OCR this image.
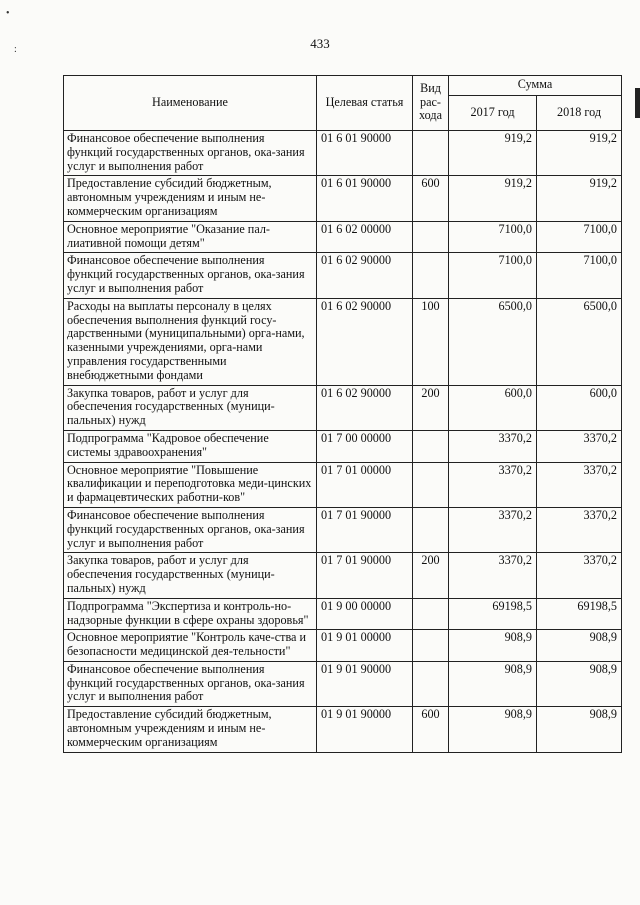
•
:	433
Наименование	Целевая статья	Вид рас-хода	Сумма	
			2017 год	2018 год
Финансовое обеспечение выполнения функций государственных органов, ока-зания услуг и выполнения работ	01 6 01 90000		919,2	919,2
Предоставление субсидий бюджетным, автономным учреждениям и иным не-коммерческим организациям	01 6 01 90000	600	919,2	919,2
Основное мероприятие "Оказание пал-лиативной помощи детям"	01 6 02 00000		7100,0	7100,0
Финансовое обеспечение выполнения функций государственных органов, ока-зания услуг и выполнения работ	01 6 02 90000		7100,0	7100,0
Расходы на выплаты персоналу в целях обеспечения выполнения функций госу-дарственными (муниципальными) орга-нами, казенными учреждениями, орга-нами управления государственными внебюджетными фондами	01 6 02 90000	100	6500,0	6500,0
Закупка товаров, работ и услуг для обеспечения государственных (муници-пальных) нужд	01 6 02 90000	200	600,0	600,0
Подпрограмма "Кадровое обеспечение системы здравоохранения"	01 7 00 00000		3370,2	3370,2
Основное мероприятие "Повышение квалификации и переподготовка меди-цинских и фармацевтических работни-ков"	01 7 01 00000		3370,2	3370,2
Финансовое обеспечение выполнения функций государственных органов, ока-зания услуг и выполнения работ	01 7 01 90000		3370,2	3370,2
Закупка товаров, работ и услуг для обеспечения государственных (муници-пальных) нужд	01 7 01 90000	200	3370,2	3370,2
Подпрограмма "Экспертиза и контроль-но-надзорные функции в сфере охраны здоровья"	01 9 00 00000		69198,5	69198,5
Основное мероприятие "Контроль каче-ства и безопасности медицинской дея-тельности"	01 9 01 00000		908,9	908,9
Финансовое обеспечение выполнения функций государственных органов, ока-зания услуг и выполнения работ	01 9 01 90000		908,9	908,9
Предоставление субсидий бюджетным, автономным учреждениям и иным не-коммерческим организациям	01 9 01 90000	600	908,9	908,9
